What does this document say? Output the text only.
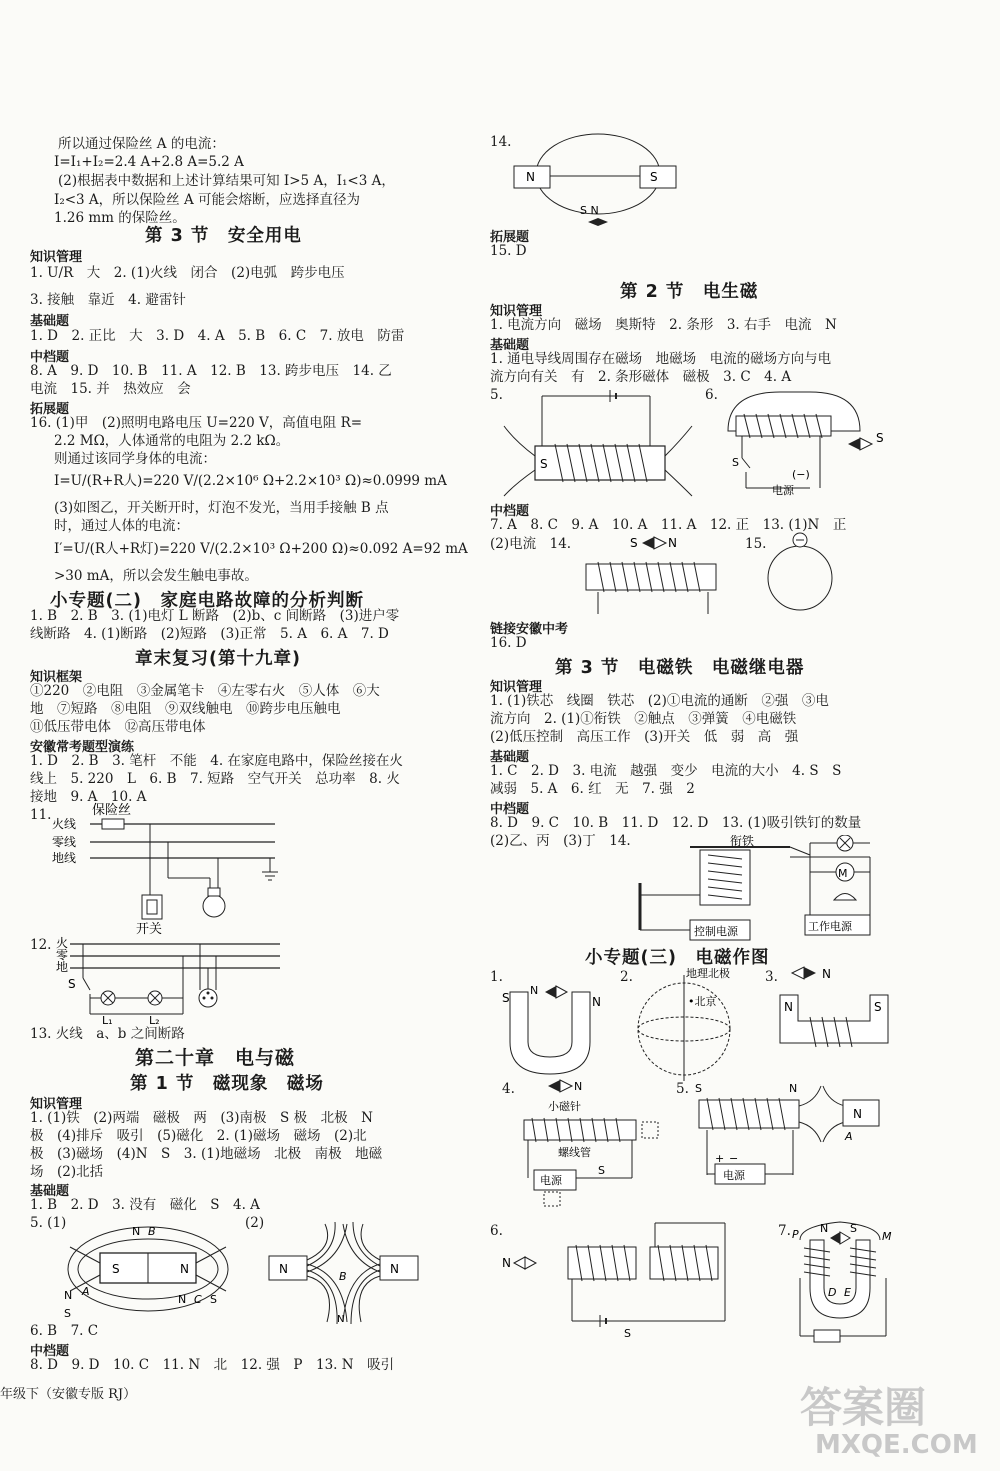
所以通过保险丝 A 的电流：
I=I₁+I₂=2.4 A+2.8 A=5.2 A
(2)根据表中数据和上述计算结果可知 I>5 A，I₁<3 A，
I₂<3 A，所以保险丝 A 可能会熔断，应选择直径为
1.26 mm 的保险丝。
第 3 节　安全用电
知识管理
1. U/R　大　2. (1)火线　闭合　(2)电弧　跨步电压
3. 接触　靠近　4. 避雷针
基础题
1. D　2. 正比　大　3. D　4. A　5. B　6. C　7. 放电　防雷
中档题
8. A　9. D　10. B　11. A　12. B　13. 跨步电压　14. 乙
电流　15. 并　热效应　会
拓展题
16. (1)甲　(2)照明电路电压 U=220 V，高值电阻 R=
2.2 MΩ，人体通常的电阻为 2.2 kΩ。
则通过该同学身体的电流：
I=U/(R+R人)=220 V/(2.2×10⁶ Ω+2.2×10³ Ω)≈0.0999 mA
(3)如图乙，开关断开时，灯泡不发光，当用手接触 B 点
时，通过人体的电流：
I′=U/(R人+R灯)=220 V/(2.2×10³ Ω+200 Ω)≈0.092 A=92 mA
>30 mA，所以会发生触电事故。
小专题(二)　家庭电路故障的分析判断
1. B　2. B　3. (1)电灯 L 断路　(2)b、c 间断路　(3)进户零
线断路　4. (1)断路　(2)短路　(3)正常　5. A　6. A　7. D
章末复习(第十九章)
知识框架
①220　②电阻　③金属笔卡　④左零右火　⑤人体　⑥大
地　⑦短路　⑧电阻　⑨双线触电　⑩跨步电压触电
⑪低压带电体　⑫高压带电体
安徽常考题型演练
1. D　2. B　3. 笔杆　不能　4. 在家庭电路中，保险丝接在火
线上　5. 220　L　6. B　7. 短路　空气开关　总功率　8. 火
接地　9. A　10. A
11.	保险丝
火线
零线
地线
开关
12. 火
零
地
S
L₁	L₂
13. 火线　a、b 之间断路
第二十章　电与磁
第 1 节　磁现象　磁场
知识管理
1. (1)铁　(2)两端　磁极　两　(3)南极　S 极　北极　N
极　(4)排斥　吸引　(5)磁化　2. (1)磁场　磁场　(2)北
极　(3)磁场　(4)N　S　3. (1)地磁场　北极　南极　地磁
场　(2)北括
基础题
1. B　2. D　3. 没有　磁化　S　4. A
5. (1)	(2)
S	N
N B
N A
S
N C S
N	N
B
N
6. B　7. C
中档题
8. D　9. D　10. C　11. N　北　12. 强　P　13. N　吸引
14.
N	S
S N
拓展题
15. D
第 2 节　电生磁
知识管理
1. 电流方向　磁场　奥斯特　2. 条形　3. 右手　电流　N
基础题
1. 通电导线周围存在磁场　地磁场　电流的磁场方向与电
流方向有关　有　2. 条形磁体　磁极　3. C　4. A
5.	6.
S
S
S
(−)
电源
中档题
7. A　8. C　9. A　10. A　11. A　12. 正　13. (1)N　正
(2)电流　14.	15.
S	N
链接安徽中考
16. D
第 3 节　电磁铁　电磁继电器
知识管理
1. (1)铁芯　线圈　铁芯　(2)①电流的通断　②强　③电
流方向　2. (1)①衔铁　②触点　③弹簧　④电磁铁
(2)低压控制　高压工作　(3)开关　低　弱　高　强
基础题
1. C　2. D　3. 电流　越强　变少　电流的大小　4. S　S
减弱　5. A　6. 红　无　7. 强　2
中档题
8. D　9. C　10. B　11. D　12. D　13. (1)吸引铁钉的数量
(2)乙、丙　(3)丁　14.	衔铁
M
工作电源
控制电源
小专题(三)　电磁作图
1.
S	N
N
2.	地理北极
•北京
3.	N
N	S
4.	N
小磁针
螺线管
电源
S
5. S	N
N
A
+ −
电源
6.
N
S
7.	N S
P	M
D E
年级下（安徽专版 RJ）	答案圈
MXQE.COM
